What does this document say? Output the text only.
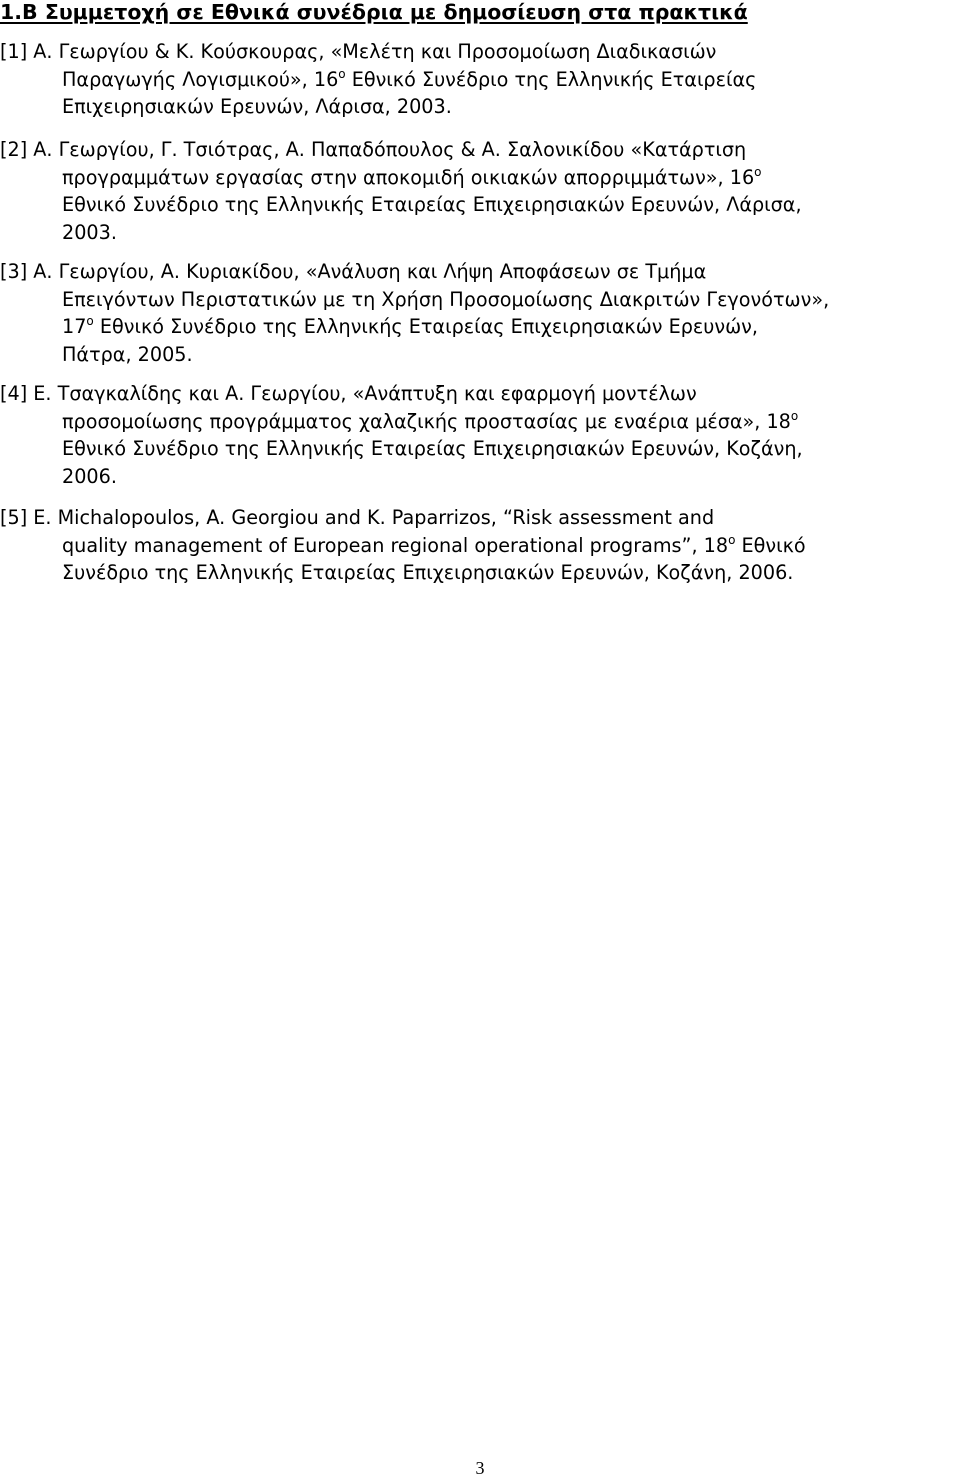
1.B Συμμετοχή σε Εθνικά συνέδρια με δημοσίευση στα πρακτικά
[1] Α. Γεωργίου & Κ. Κούσκουρας, «Μελέτη και Προσομοίωση Διαδικασιών
Παραγωγής Λογισμικού», 16$^o$ Εθνικό Συνέδριο της Ελληνικής Εταιρείας
Επιχειρησιακών Ερευνών, Λάρισα, 2003.
[2] Α. Γεωργίου, Γ. Τσιότρας, Α. Παπαδόπουλος & Α. Σαλονικίδου «Κατάρτιση
προγραμμάτων εργασίας στην αποκομιδή οικιακών απορριμμάτων», 16$^o$
Εθνικό Συνέδριο της Ελληνικής Εταιρείας Επιχειρησιακών Ερευνών, Λάρισα,
2003.
[3] Α. Γεωργίου, Α. Κυριακίδου, «Ανάλυση και Λήψη Αποφάσεων σε Τμήμα
Επειγόντων Περιστατικών με τη Χρήση Προσομοίωσης Διακριτών Γεγονότων»,
17$^o$ Εθνικό Συνέδριο της Ελληνικής Εταιρείας Επιχειρησιακών Ερευνών,
Πάτρα, 2005.
[4] Ε. Τσαγκαλίδης και Α. Γεωργίου, «Ανάπτυξη και εφαρμογή μοντέλων
προσομοίωσης προγράμματος χαλαζικής προστασίας με εναέρια μέσα», 18$^o$
Εθνικό Συνέδριο της Ελληνικής Εταιρείας Επιχειρησιακών Ερευνών, Κοζάνη,
2006.
[5] E. Michalopoulos, A. Georgiou and K. Paparrizos, “Risk assessment and
quality management of European regional operational programs”, 18$^o$ Εθνικό
Συνέδριο της Ελληνικής Εταιρείας Επιχειρησιακών Ερευνών, Κοζάνη, 2006.
3
